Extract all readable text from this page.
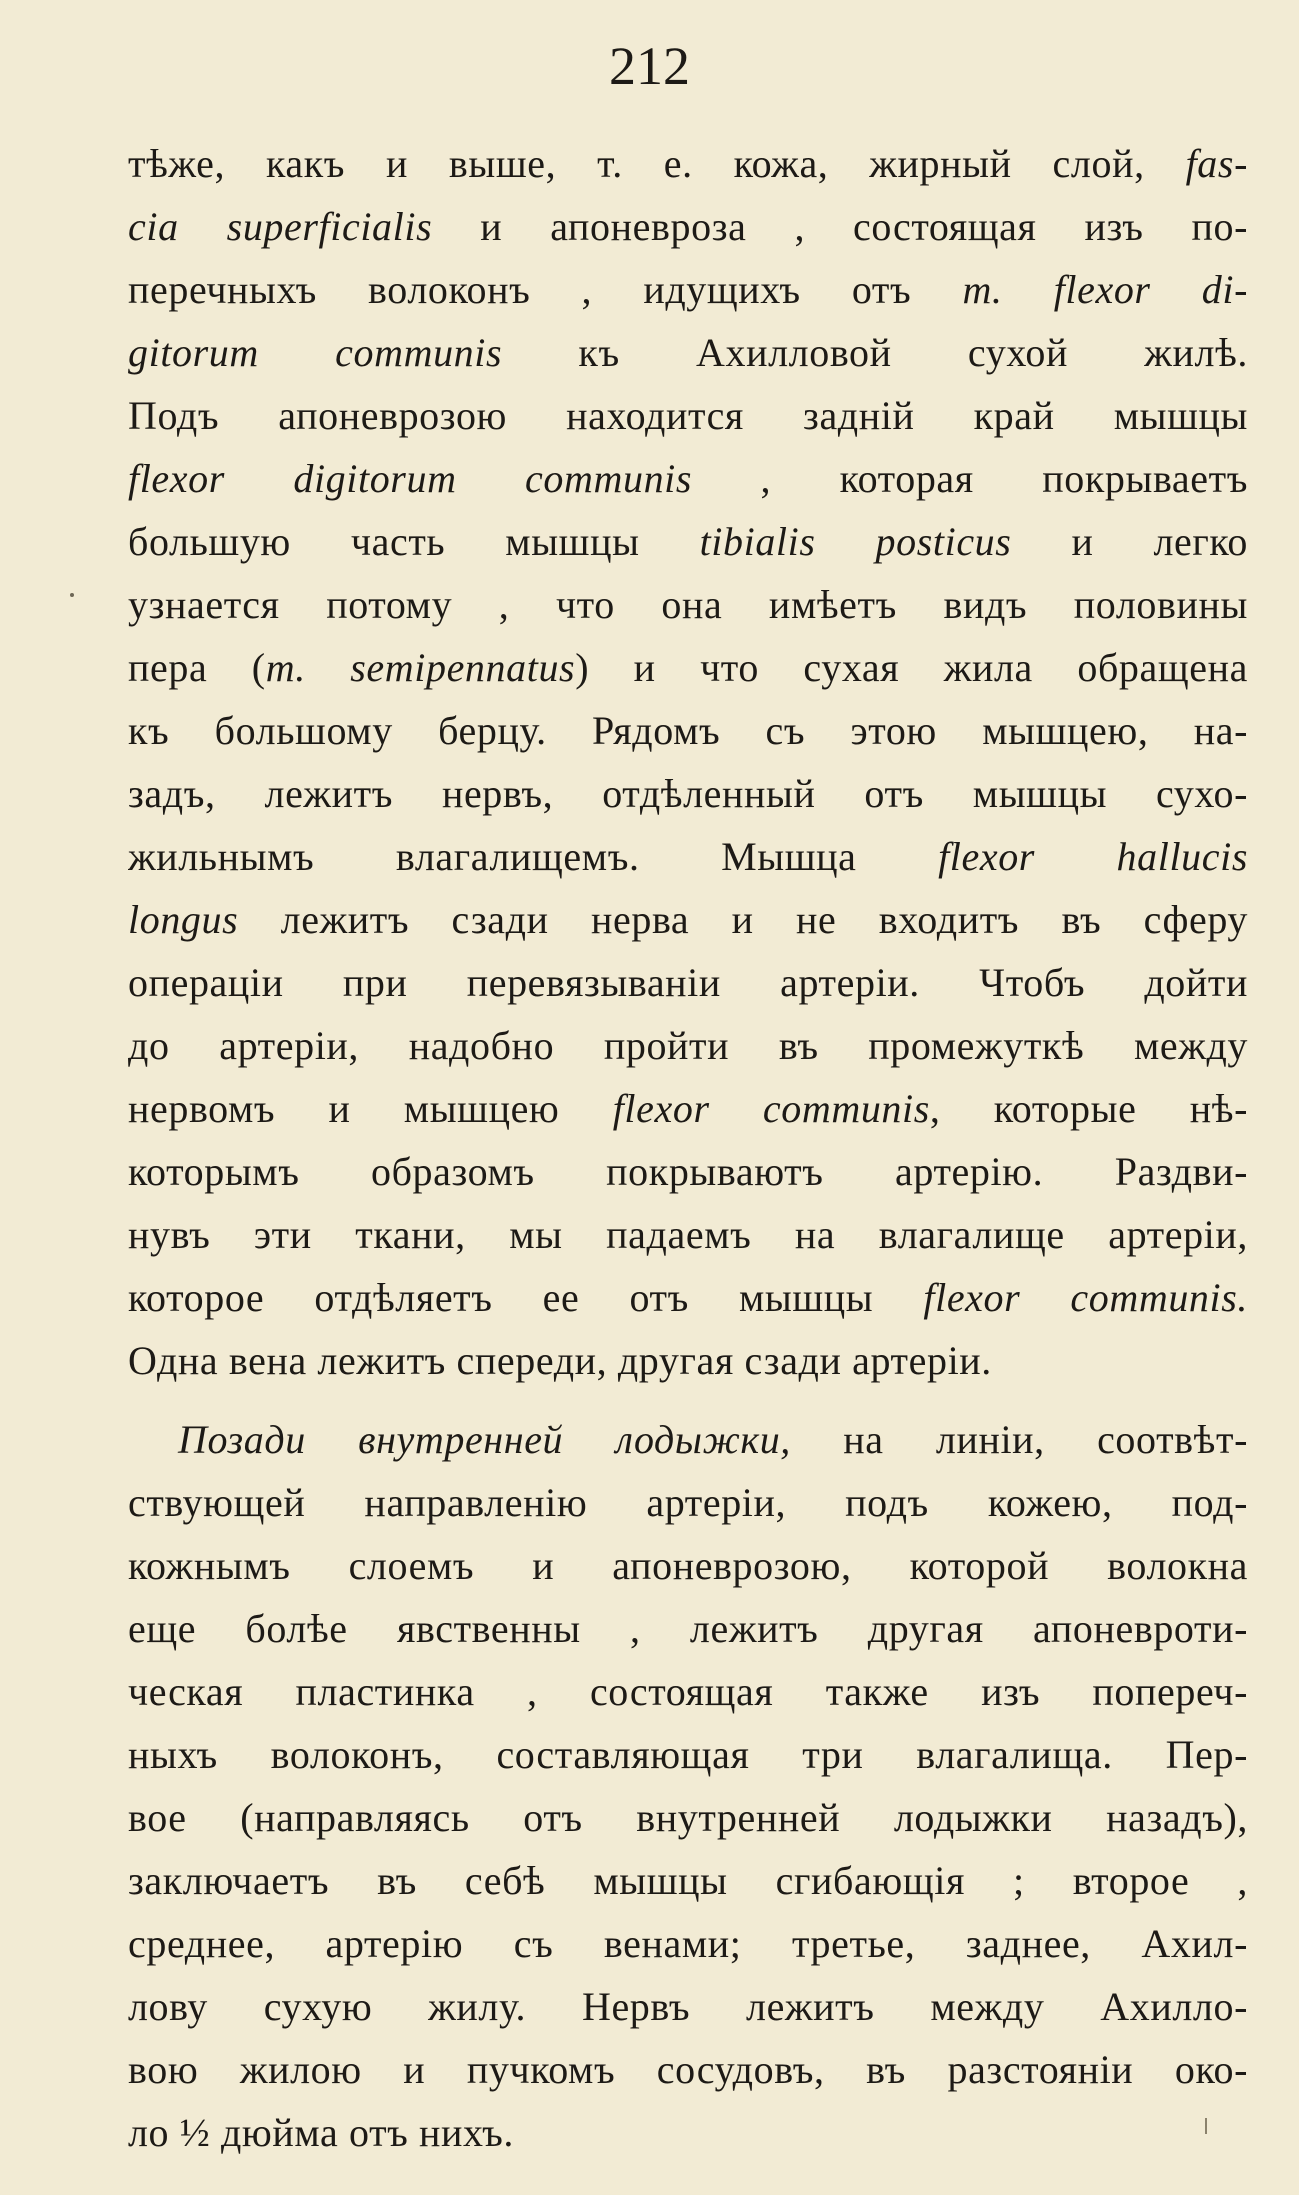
212
тѣже, какъ и выше, т. е. кожа, жирный слой, fas-
cia superficialis и апоневроза , состоящая изъ по-
перечныхъ волоконъ , идущихъ отъ m. flexor di-
gitorum communis къ Ахилловой сухой жилѣ.
Подъ апоневрозою находится задній край мышцы
flexor digitorum communis , которая покрываетъ
большую часть мышцы tibialis posticus и легко
узнается потому , что она имѣетъ видъ половины
пера (m. semipennatus) и что сухая жила обращена
къ большому берцу. Рядомъ съ этою мышцею, на-
задъ, лежитъ нервъ, отдѣленный отъ мышцы сухо-
жильнымъ влагалищемъ. Мышца flexor hallucis
longus лежитъ сзади нерва и не входитъ въ сферу
операціи при перевязываніи артеріи. Чтобъ дойти
до артеріи, надобно пройти въ промежуткѣ между
нервомъ и мышцею flexor communis, которые нѣ-
которымъ образомъ покрываютъ артерію. Раздви-
нувъ эти ткани, мы падаемъ на влагалище артеріи,
которое отдѣляетъ ее отъ мышцы flexor communis.
Одна вена лежитъ спереди, другая сзади артеріи.
Позади внутренней лодыжки, на линіи, соотвѣт-
ствующей направленію артеріи, подъ кожею, под-
кожнымъ слоемъ и апоневрозою, которой волокна
еще болѣе явственны , лежитъ другая апоневроти-
ческая пластинка , состоящая также изъ попереч-
ныхъ волоконъ, составляющая три влагалища. Пер-
вое (направляясь отъ внутренней лодыжки назадъ),
заключаетъ въ себѣ мышцы сгибающія ; второе ,
среднее, артерію съ венами; третье, заднее, Ахил-
лову сухую жилу. Нервъ лежитъ между Ахилло-
вою жилою и пучкомъ сосудовъ, въ разстояніи око-
ло ½ дюйма отъ нихъ.
